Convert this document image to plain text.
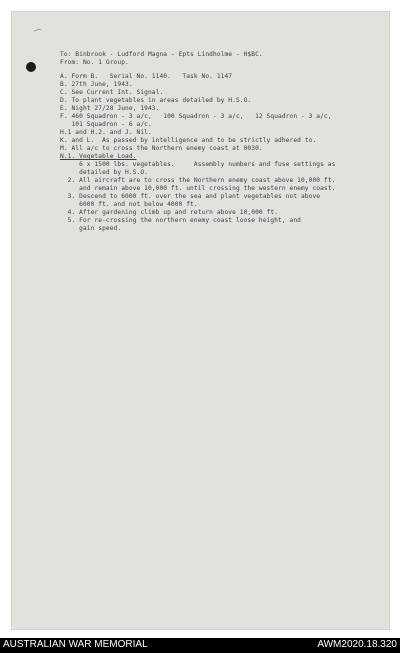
⌒
To: Binbrook - Ludford Magna - Epts Lindholme - H$BC.
From: No. 1 Group.
A. Form B.   Serial No. 1140.   Task No. 1147
B. 27th June, 1943.
C. See Current Int. Signal.
D. To plant vegetables in areas detailed by H.S.O.
E. Night 27/28 June, 1943.
F. 460 Squadron - 3 a/c,   100 Squadron - 3 a/c,   12 Squadron - 3 a/c,
101 Squadron - 6 a/c.
H.1 and H.2. and J. Nil.
K. and L.  As passed by intelligence and to be strictly adhered to.
M. All a/c to cross the Northern enemy coast at 0030.
N.1. Vegetable Load.
6 x 1500 lbs. vegetables.     Assembly numbers and fuse settings as
detailed by H.S.O.
2. All aircraft are to cross the Northern enemy coast above 10,000 ft.
and remain above 10,000 ft. until crossing the western enemy coast.
3. Descend to 6000 ft. over the sea and plant vegetables not above
6000 ft. and not below 4000 ft.
4. After gardening climb up and return above 10,000 ft.
5. For re-crossing the northern enemy coast loose height, and
gain speed.
AUSTRALIAN WAR MEMORIAL	AWM2020.18.320
